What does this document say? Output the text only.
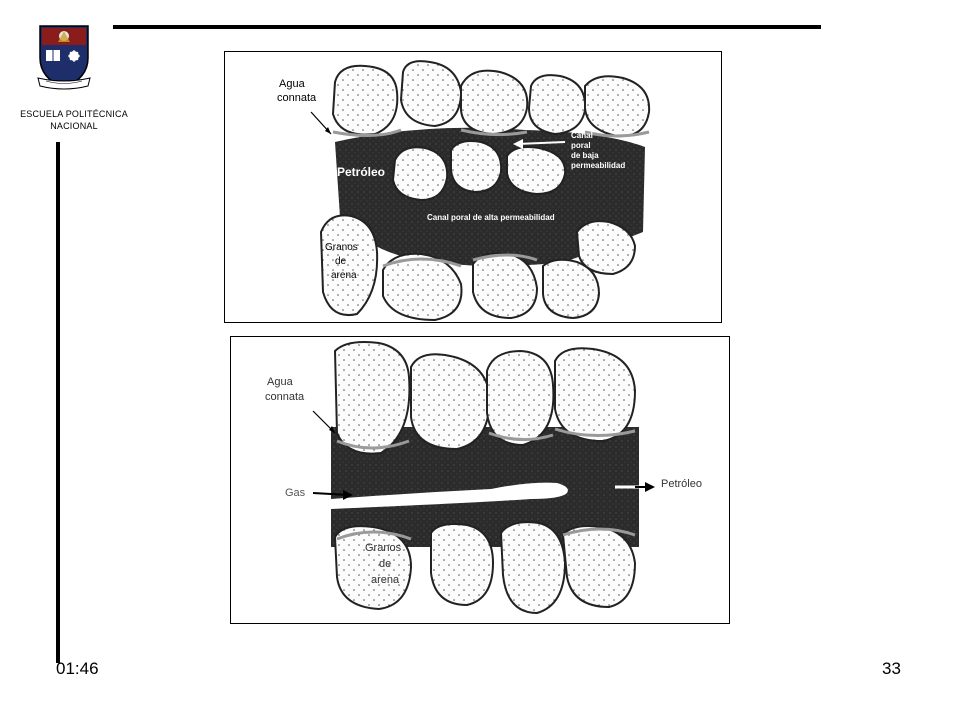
ESCUELA POLITÉCNICA
NACIONAL
Agua
connata
Petróleo
Canal
poral
de baja
permeabilidad
Canal poral de alta permeabilidad
Granos
de
arena
Agua
connata
Gas
Petróleo
Granos
de
arena
01:46	33
